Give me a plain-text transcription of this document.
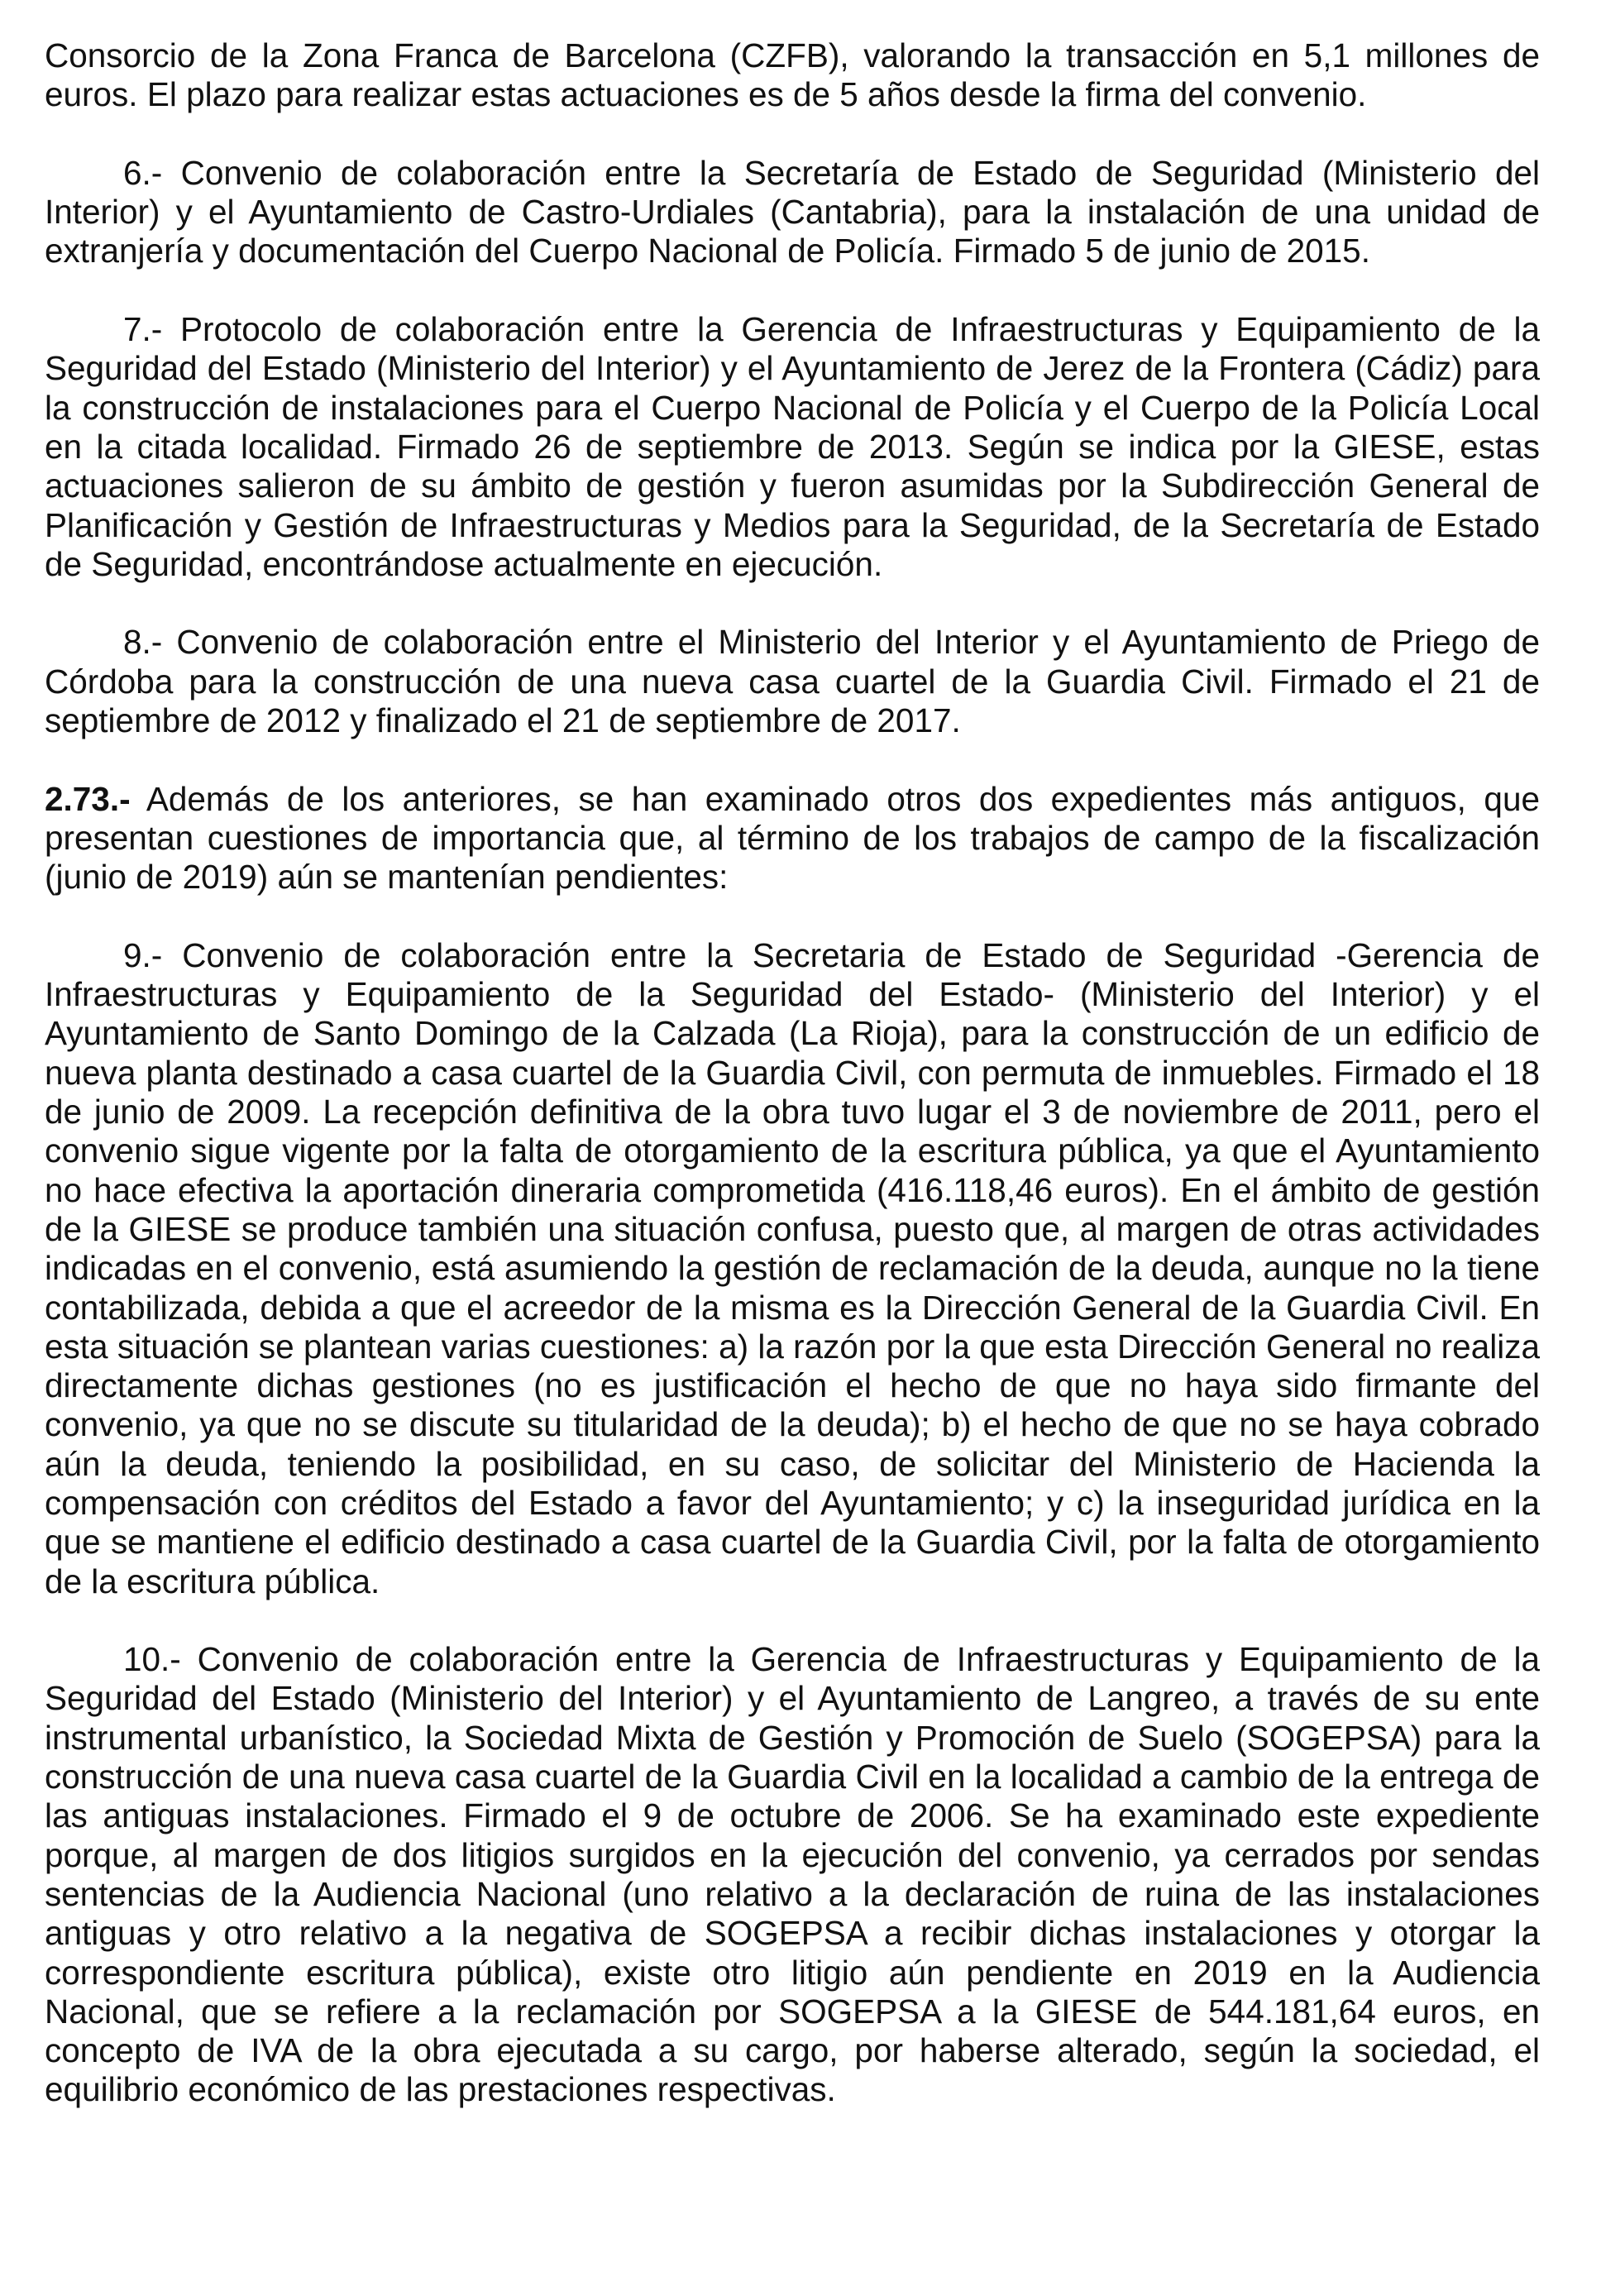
Consorcio de la Zona Franca de Barcelona (CZFB), valorando la transacción en 5,1 millones de euros. El plazo para realizar estas actuaciones es de 5 años desde la firma del convenio.

6.- Convenio de colaboración entre la Secretaría de Estado de Seguridad (Ministerio del Interior) y el Ayuntamiento de Castro-Urdiales (Cantabria), para la instalación de una unidad de extranjería y documentación del Cuerpo Nacional de Policía. Firmado 5 de junio de 2015.

7.- Protocolo de colaboración entre la Gerencia de Infraestructuras y Equipamiento de la Seguridad del Estado (Ministerio del Interior) y el Ayuntamiento de Jerez de la Frontera (Cádiz) para la construcción de instalaciones para el Cuerpo Nacional de Policía y el Cuerpo de la Policía Local en la citada localidad. Firmado 26 de septiembre de 2013. Según se indica por la GIESE, estas actuaciones salieron de su ámbito de gestión y fueron asumidas por la Subdirección General de Planificación y Gestión de Infraestructuras y Medios para la Seguridad, de la Secretaría de Estado de Seguridad, encontrándose actualmente en ejecución.

8.- Convenio de colaboración entre el Ministerio del Interior y el Ayuntamiento de Priego de Córdoba para la construcción de una nueva casa cuartel de la Guardia Civil. Firmado el 21 de septiembre de 2012 y finalizado el 21 de septiembre de 2017.

2.73.- Además de los anteriores, se han examinado otros dos expedientes más antiguos, que presentan cuestiones de importancia que, al término de los trabajos de campo de la fiscalización (junio de 2019) aún se mantenían pendientes:

9.- Convenio de colaboración entre la Secretaria de Estado de Seguridad -Gerencia de Infraestructuras y Equipamiento de la Seguridad del Estado- (Ministerio del Interior) y el Ayuntamiento de Santo Domingo de la Calzada (La Rioja), para la construcción de un edificio de nueva planta destinado a casa cuartel de la Guardia Civil, con permuta de inmuebles. Firmado el 18 de junio de 2009. La recepción definitiva de la obra tuvo lugar el 3 de noviembre de 2011, pero el convenio sigue vigente por la falta de otorgamiento de la escritura pública, ya que el Ayuntamiento no hace efectiva la aportación dineraria comprometida (416.118,46 euros). En el ámbito de gestión de la GIESE se produce también una situación confusa, puesto que, al margen de otras actividades indicadas en el convenio, está asumiendo la gestión de reclamación de la deuda, aunque no la tiene contabilizada, debida a que el acreedor de la misma es la Dirección General de la Guardia Civil. En esta situación se plantean varias cuestiones: a) la razón por la que esta Dirección General no realiza directamente dichas gestiones (no es justificación el hecho de que no haya sido firmante del convenio, ya que no se discute su titularidad de la deuda); b) el hecho de que no se haya cobrado aún la deuda, teniendo la posibilidad, en su caso, de solicitar del Ministerio de Hacienda la compensación con créditos del Estado a favor del Ayuntamiento; y c) la inseguridad jurídica en la que se mantiene el edificio destinado a casa cuartel de la Guardia Civil, por la falta de otorgamiento de la escritura pública.

10.- Convenio de colaboración entre la Gerencia de Infraestructuras y Equipamiento de la Seguridad del Estado (Ministerio del Interior) y el Ayuntamiento de Langreo, a través de su ente instrumental urbanístico, la Sociedad Mixta de Gestión y Promoción de Suelo (SOGEPSA) para la construcción de una nueva casa cuartel de la Guardia Civil en la localidad a cambio de la entrega de las antiguas instalaciones. Firmado el 9 de octubre de 2006. Se ha examinado este expediente porque, al margen de dos litigios surgidos en la ejecución del convenio, ya cerrados por sendas sentencias de la Audiencia Nacional (uno relativo a la declaración de ruina de las instalaciones antiguas y otro relativo a la negativa de SOGEPSA a recibir dichas instalaciones y otorgar la correspondiente escritura pública), existe otro litigio aún pendiente en 2019 en la Audiencia Nacional, que se refiere a la reclamación por SOGEPSA a la GIESE de 544.181,64 euros, en concepto de IVA de la obra ejecutada a su cargo, por haberse alterado, según la sociedad, el equilibrio económico de las prestaciones respectivas.
